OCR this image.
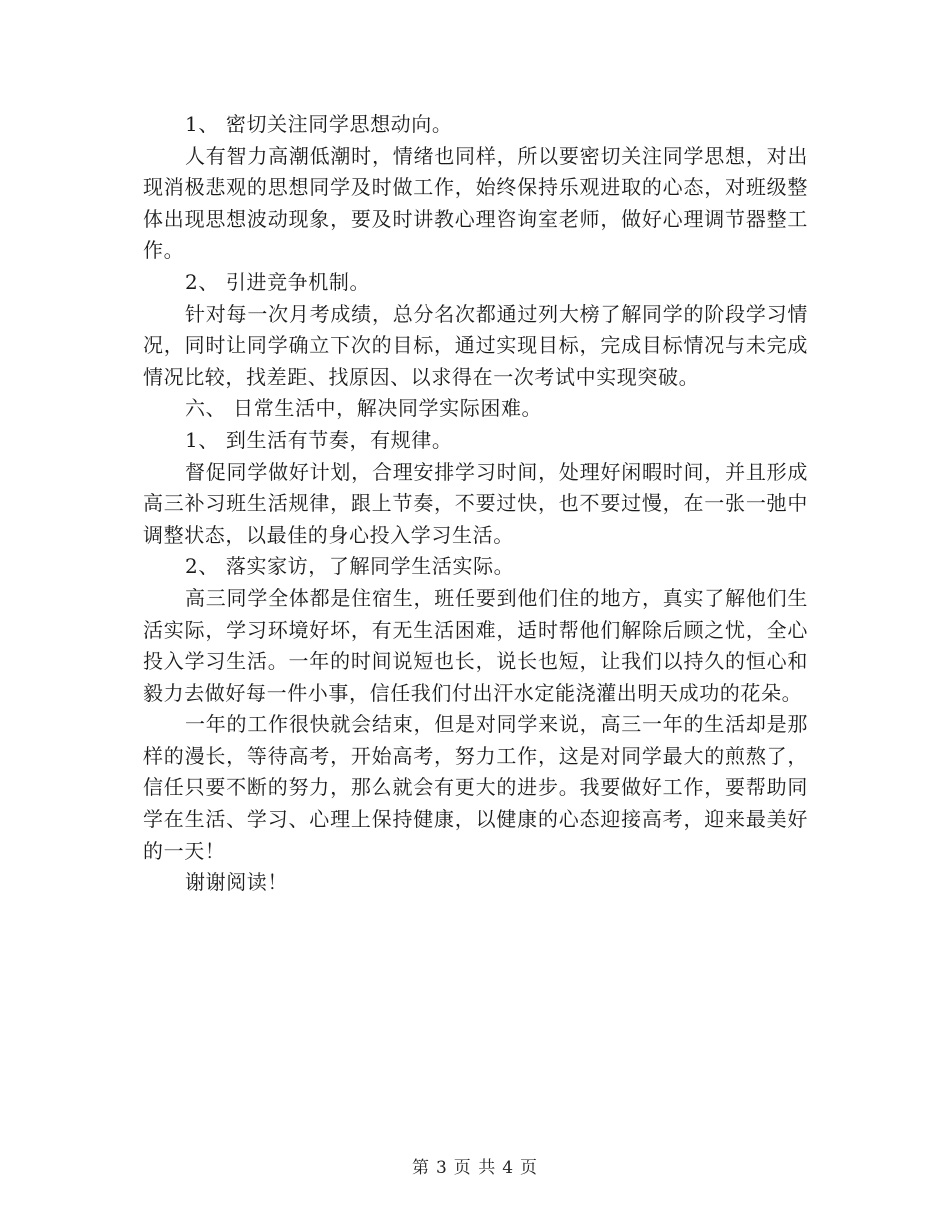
1、 密切关注同学思想动向。

人有智力高潮低潮时，情绪也同样，所以要密切关注同学思想，对出现消极悲观的思想同学及时做工作，始终保持乐观进取的心态，对班级整体出现思想波动现象，要及时讲教心理咨询室老师，做好心理调节器整工作。

2、 引进竞争机制。

针对每一次月考成绩，总分名次都通过列大榜了解同学的阶段学习情况，同时让同学确立下次的目标，通过实现目标，完成目标情况与未完成情况比较，找差距、找原因、以求得在一次考试中实现突破。

六、 日常生活中，解决同学实际困难。

1、 到生活有节奏，有规律。

督促同学做好计划，合理安排学习时间，处理好闲暇时间，并且形成高三补习班生活规律，跟上节奏，不要过快，也不要过慢，在一张一弛中调整状态，以最佳的身心投入学习生活。

2、 落实家访，了解同学生活实际。

高三同学全体都是住宿生，班任要到他们住的地方，真实了解他们生活实际，学习环境好坏，有无生活困难，适时帮他们解除后顾之忧，全心投入学习生活。一年的时间说短也长，说长也短，让我们以持久的恒心和毅力去做好每一件小事，信任我们付出汗水定能浇灌出明天成功的花朵。

一年的工作很快就会结束，但是对同学来说，高三一年的生活却是那样的漫长，等待高考，开始高考，努力工作，这是对同学最大的煎熬了，信任只要不断的努力，那么就会有更大的进步。我要做好工作，要帮助同学在生活、学习、心理上保持健康，以健康的心态迎接高考，迎来最美好的一天！

谢谢阅读！

第 3 页 共 4 页
